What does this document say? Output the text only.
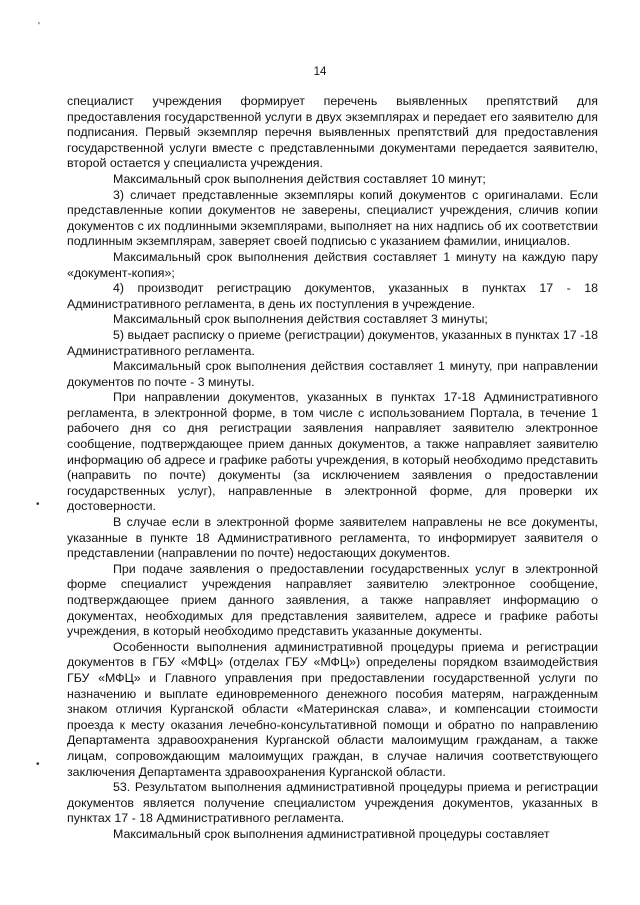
'
•
•
14

специалист учреждения формирует перечень выявленных препятствий для предоставления государственной услуги в двух экземплярах и передает его заявителю для подписания. Первый экземпляр перечня выявленных препятствий для предоставления государственной услуги вместе с представленными документами передается заявителю, второй остается у специалиста учреждения.

Максимальный срок выполнения действия составляет 10 минут;

3) сличает представленные экземпляры копий документов с оригиналами. Если представленные копии документов не заверены, специалист учреждения, сличив копии документов с их подлинными экземплярами, выполняет на них надпись об их соответствии подлинным экземплярам, заверяет своей подписью с указанием фамилии, инициалов.

Максимальный срок выполнения действия составляет 1 минуту на каждую пару «документ-копия»;

4) производит регистрацию документов, указанных в пунктах 17 - 18 Административного регламента, в день их поступления в учреждение.

Максимальный срок выполнения действия составляет 3 минуты;

5) выдает расписку о приеме (регистрации) документов, указанных в пунктах 17 -18 Административного регламента.

Максимальный срок выполнения действия составляет 1 минуту, при направлении документов по почте - 3 минуты.

При направлении документов, указанных в пунктах 17-18 Административного регламента, в электронной форме, в том числе с использованием Портала, в течение 1 рабочего дня со дня регистрации заявления направляет заявителю электронное сообщение, подтверждающее прием данных документов, а также направляет заявителю информацию об адресе и графике работы учреждения, в который необходимо представить (направить по почте) документы (за исключением заявления о предоставлении государственных услуг), направленные в электронной форме, для проверки их достоверности.

В случае если в электронной форме заявителем направлены не все документы, указанные в пункте 18 Административного регламента, то информирует заявителя о представлении (направлении по почте) недостающих документов.

При подаче заявления о предоставлении государственных услуг в электронной форме специалист учреждения направляет заявителю электронное сообщение, подтверждающее прием данного заявления, а также направляет информацию о документах, необходимых для представления заявителем, адресе и графике работы учреждения, в который необходимо представить указанные документы.

Особенности выполнения административной процедуры приема и регистрации документов в ГБУ «МФЦ» (отделах ГБУ «МФЦ») определены порядком взаимодействия ГБУ «МФЦ» и Главного управления при предоставлении государственной услуги по назначению и выплате единовременного денежного пособия матерям, награжденным знаком отличия Курганской области «Материнская слава», и компенсации стоимости проезда к месту оказания лечебно-консультативной помощи и обратно по направлению Департамента здравоохранения Курганской области малоимущим гражданам, а также лицам, сопровождающим малоимущих граждан, в случае наличия соответствующего заключения Департамента здравоохранения Курганской области.

53. Результатом выполнения административной процедуры приема и регистрации документов является получение специалистом учреждения документов, указанных в пунктах 17 - 18 Административного регламента.

Максимальный срок выполнения административной процедуры составляет
